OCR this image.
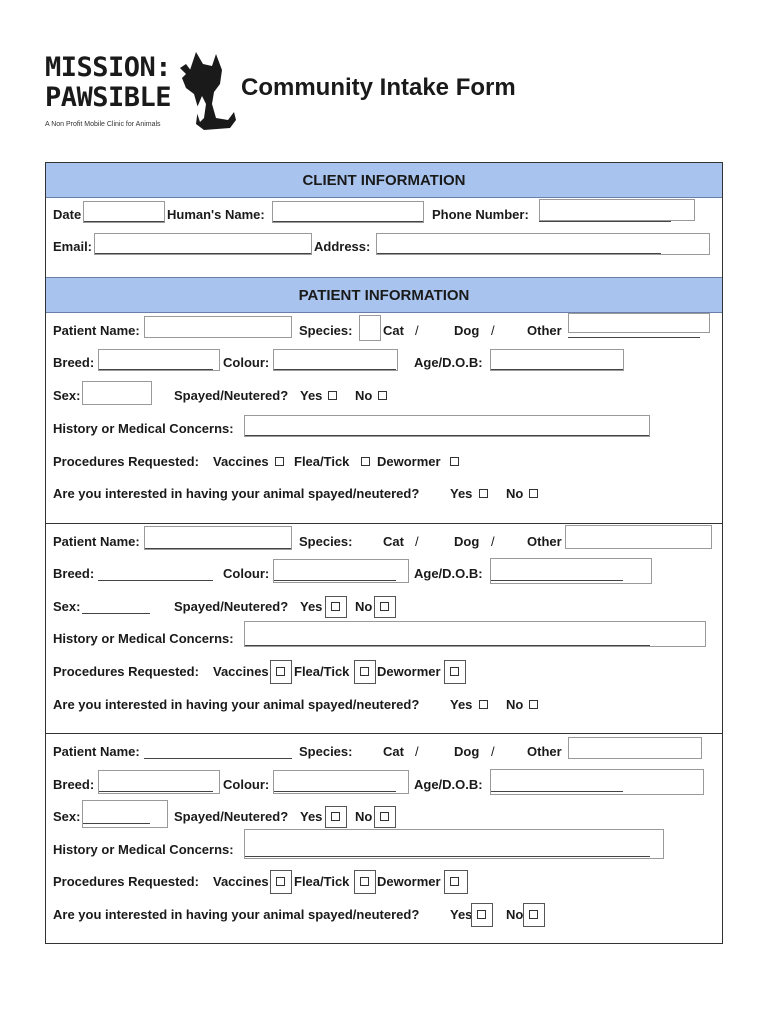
MISSION:
PAWSIBLE
A Non Profit Mobile Clinic for Animals
Community Intake Form
CLIENT INFORMATION
Date	Human's Name:	Phone Number:
Email:	Address:
PATIENT INFORMATION
Patient Name:	Species: Cat /	Dog / Other
Breed:	Colour:	Age/D.O.B:
Sex:	Spayed/Neutered? Yes	No
History or Medical Concerns:
Procedures Requested: Vaccines Flea/Tick Dewormer
Are you interested in having your animal spayed/neutered? Yes	No
Patient Name:	Species: Cat /	Dog / Other
Breed:	Colour:	Age/D.O.B:
Sex:	Spayed/Neutered? Yes	No
History or Medical Concerns:
Procedures Requested: Vaccines Flea/Tick Dewormer
Are you interested in having your animal spayed/neutered? Yes	No
Patient Name:	Species: Cat /	Dog / Other
Breed:	Colour:	Age/D.O.B:
Sex:	Spayed/Neutered? Yes	No
History or Medical Concerns:
Procedures Requested: Vaccines Flea/Tick Dewormer
Are you interested in having your animal spayed/neutered? Yes	No
